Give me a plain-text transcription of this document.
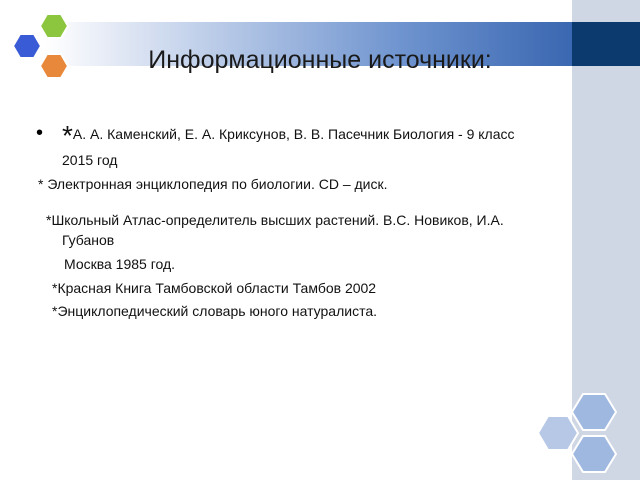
Информационные источники:
• *А. А. Каменский, Е. А. Криксунов, В. В. Пасечник Биология - 9 класс
2015 год
* Электронная энциклопедия по биологии. CD – диск.
*Школьный Атлас-определитель высших растений. В.С. Новиков, И.А.
Губанов
Москва 1985 год.
*Красная Книга Тамбовской области Тамбов 2002
*Энциклопедический словарь юного натуралиста.
